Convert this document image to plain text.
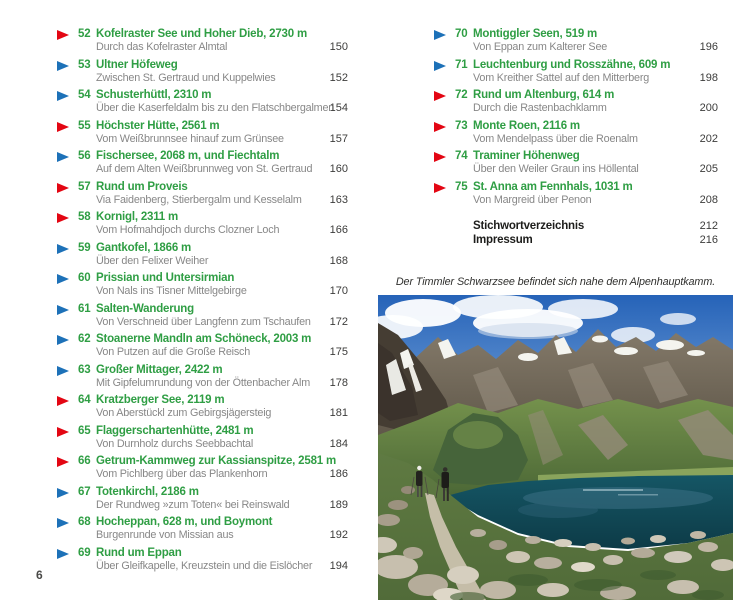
52 Kofelraster See und Hoher Dieb, 2730 m
Durch das Kofelraster Almtal	150
53 Ultner Höfeweg
Zwischen St. Gertraud und Kuppelwies	152
54 Schusterhüttl, 2310 m
Über die Kaserfeldalm bis zu den Flatschbergalmen
154
55 Höchster Hütte, 2561 m
Vom Weißbrunnsee hinauf zum Grünsee	157
56 Fischersee, 2068 m, und Fiechtalm
Auf dem Alten Weißbrunnweg von St. Gertraud	160
57 Rund um Proveis
Via Faidenberg, Stierbergalm und Kesselalm	163
58 Kornigl, 2311 m
Vom Hofmahdjoch durchs Clozner Loch	166
59 Gantkofel, 1866 m
Über den Felixer Weiher	168
60 Prissian und Untersirmian
Von Nals ins Tisner Mittelgebirge	170
61 Salten-Wanderung
Von Verschneid über Langfenn zum Tschaufen	172
62 Stoanerne Mandln am Schöneck, 2003 m
Von Putzen auf die Große Reisch	175
63 Großer Mittager, 2422 m
Mit Gipfelumrundung von der Öttenbacher Alm	178
64 Kratzberger See, 2119 m
Von Aberstückl zum Gebirgsjägersteig	181
65 Flaggerschartenhütte, 2481 m
Von Durnholz durchs Seebbachtal	184
66 Getrum-Kammweg zur Kassianspitze, 2581 m
Vom Pichlberg über das Plankenhorn	186
67 Totenkirchl, 2186 m
Der Rundweg »zum Toten« bei Reinswald	189
68 Hocheppan, 628 m, und Boymont
Burgenrunde von Missian aus	192
69 Rund um Eppan
Über Gleifkapelle, Kreuzstein und die Eislöcher	194
70 Montiggler Seen, 519 m
Von Eppan zum Kalterer See	196
71 Leuchtenburg und Rosszähne, 609 m
Vom Kreither Sattel auf den Mitterberg	198
72 Rund um Altenburg, 614 m
Durch die Rastenbachklamm	200
73 Monte Roen, 2116 m
Vom Mendelpass über die Roenalm	202
74 Traminer Höhenweg
Über den Weiler Graun ins Höllental	205
75 St. Anna am Fennhals, 1031 m
Von Margreid über Penon	208
Stichwortverzeichnis	212
Impressum	216
Der Timmler Schwarzsee befindet sich nahe dem Alpenhauptkamm.
6
